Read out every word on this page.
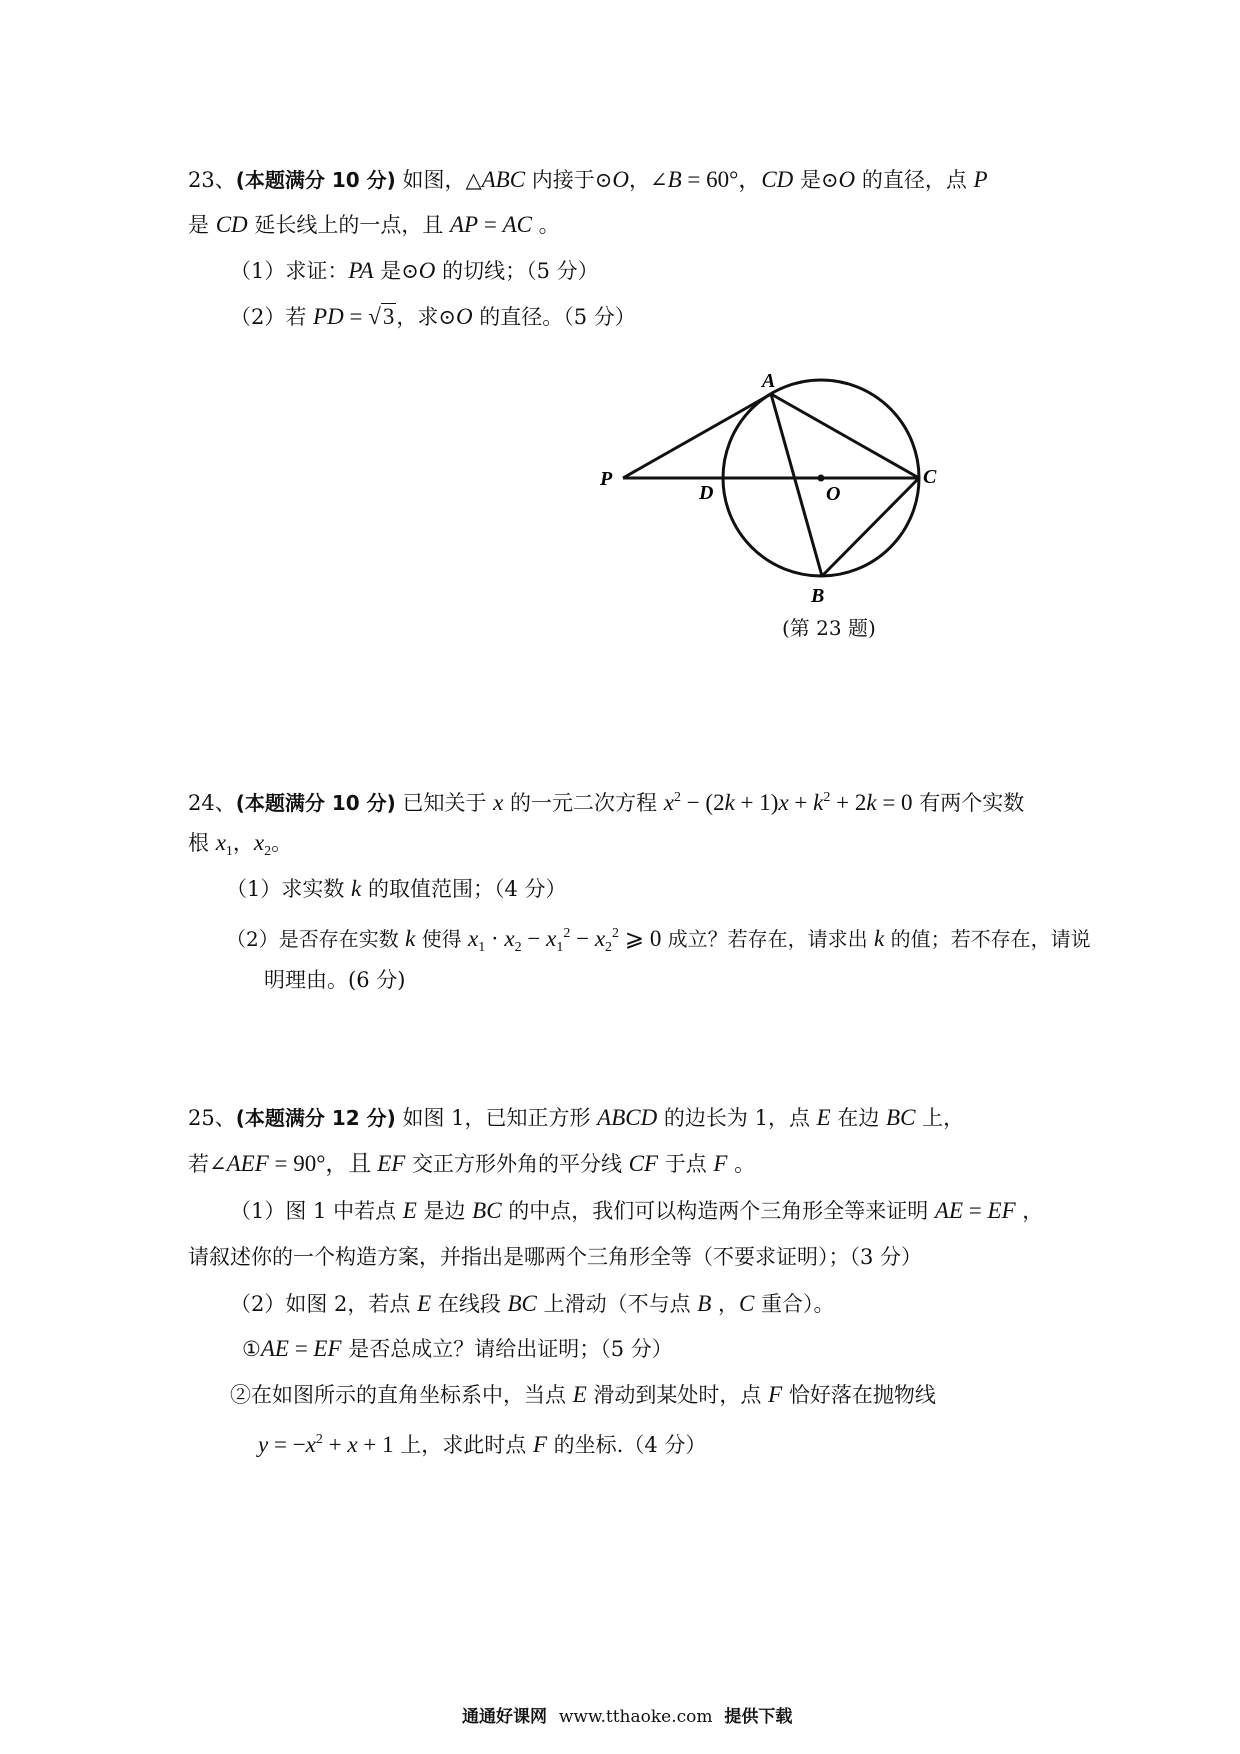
23、(本题满分 10 分) 如图，△ABC 内接于⊙O，∠B = 60°，CD 是⊙O 的直径，点 P
是 CD 延长线上的一点，且 AP = AC 。
（1）求证：PA 是⊙O 的切线；（5 分）
（2）若 PD = √3，求⊙O 的直径。（5 分）
A
P
D	O
C
B
(第 23 题)
24、(本题满分 10 分) 已知关于 x 的一元二次方程 $x^2 - (2k + 1)x + k^2 + 2k = 0$ 有两个实数
根 $x_1$，$x_2$。
（1）求实数 k 的取值范围；（4 分）
（2）是否存在实数 k 使得 $x_1 \cdot x_2 - x_1^2 - x_2^2$ ⩾ 0 成立？若存在，请求出 k 的值；若不存在，请说
明理由。(6 分)
25、(本题满分 12 分) 如图 1，已知正方形 ABCD 的边长为 1，点 E 在边 BC 上，
若∠AEF = 90°，且 EF 交正方形外角的平分线 CF 于点 F 。
（1）图 1 中若点 E 是边 BC 的中点，我们可以构造两个三角形全等来证明 AE = EF ，
请叙述你的一个构造方案，并指出是哪两个三角形全等（不要求证明）；（3 分）
（2）如图 2，若点 E 在线段 BC 上滑动（不与点 B ，C 重合）。
①AE = EF 是否总成立？请给出证明；（5 分）
②在如图所示的直角坐标系中，当点 E 滑动到某处时，点 F 恰好落在抛物线
$y = -x^2 + x + 1$ 上，求此时点 F 的坐标.（4 分）
通通好课网 www.tthaoke.com 提供下载
